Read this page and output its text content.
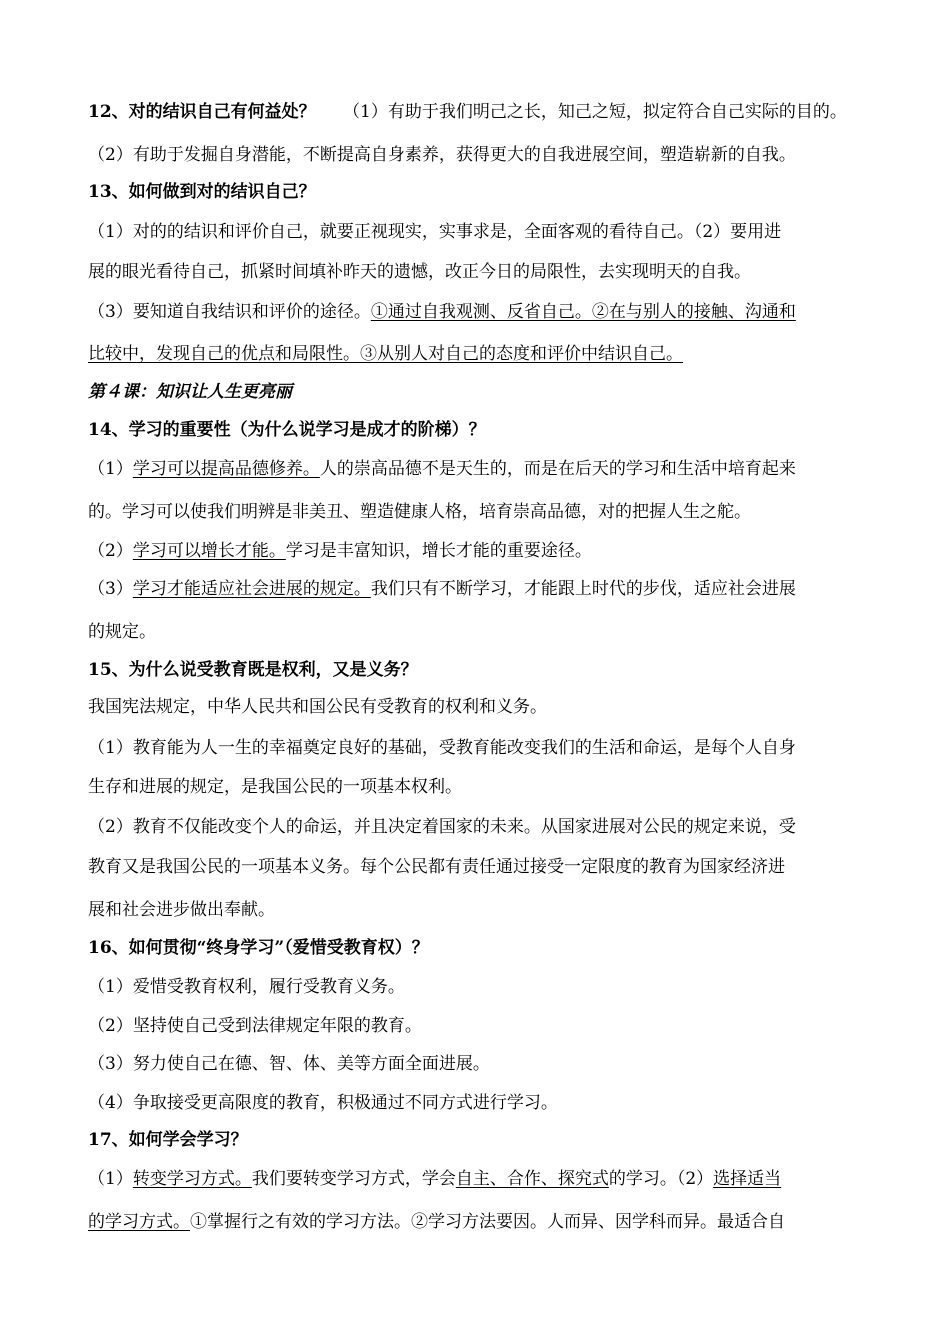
12、对的结识自己有何益处？ （1）有助于我们明己之长，知己之短，拟定符合自己实际的目的。
（2）有助于发掘自身潜能，不断提高自身素养，获得更大的自我进展空间，塑造崭新的自我。
13、如何做到对的结识自己？
（1）对的的结识和评价自己，就要正视现实，实事求是，全面客观的看待自己。（2）要用进
展的眼光看待自己，抓紧时间填补昨天的遗憾，改正今日的局限性，去实现明天的自我。
（3）要知道自我结识和评价的途径。①通过自我观测、反省自己。②在与别人的接触、沟通和
比较中，发现自己的优点和局限性。③从别人对自己的态度和评价中结识自己。
第４课：知识让人生更亮丽
14、学习的重要性（为什么说学习是成才的阶梯）？
（1）学习可以提高品德修养。人的崇高品德不是天生的，而是在后天的学习和生活中培育起来
的。学习可以使我们明辨是非美丑、塑造健康人格，培育崇高品德，对的把握人生之舵。
（2）学习可以增长才能。学习是丰富知识，增长才能的重要途径。
（3）学习才能适应社会进展的规定。我们只有不断学习，才能跟上时代的步伐，适应社会进展
的规定。
15、为什么说受教育既是权利，又是义务？
我国宪法规定，中华人民共和国公民有受教育的权利和义务。
（1）教育能为人一生的幸福奠定良好的基础，受教育能改变我们的生活和命运，是每个人自身
生存和进展的规定，是我国公民的一项基本权利。
（2）教育不仅能改变个人的命运，并且决定着国家的未来。从国家进展对公民的规定来说，受
教育又是我国公民的一项基本义务。每个公民都有责任通过接受一定限度的教育为国家经济进
展和社会进步做出奉献。
16、如何贯彻“终身学习”（爱惜受教育权）？
（1）爱惜受教育权利，履行受教育义务。
（2）坚持使自己受到法律规定年限的教育。
（3）努力使自己在德、智、体、美等方面全面进展。
（4）争取接受更高限度的教育，积极通过不同方式进行学习。
17、如何学会学习？
（1）转变学习方式。我们要转变学习方式，学会自主、合作、探究式的学习。（2）选择适当
的学习方式。①掌握行之有效的学习方法。②学习方法要因。人而异、因学科而异。最适合自
